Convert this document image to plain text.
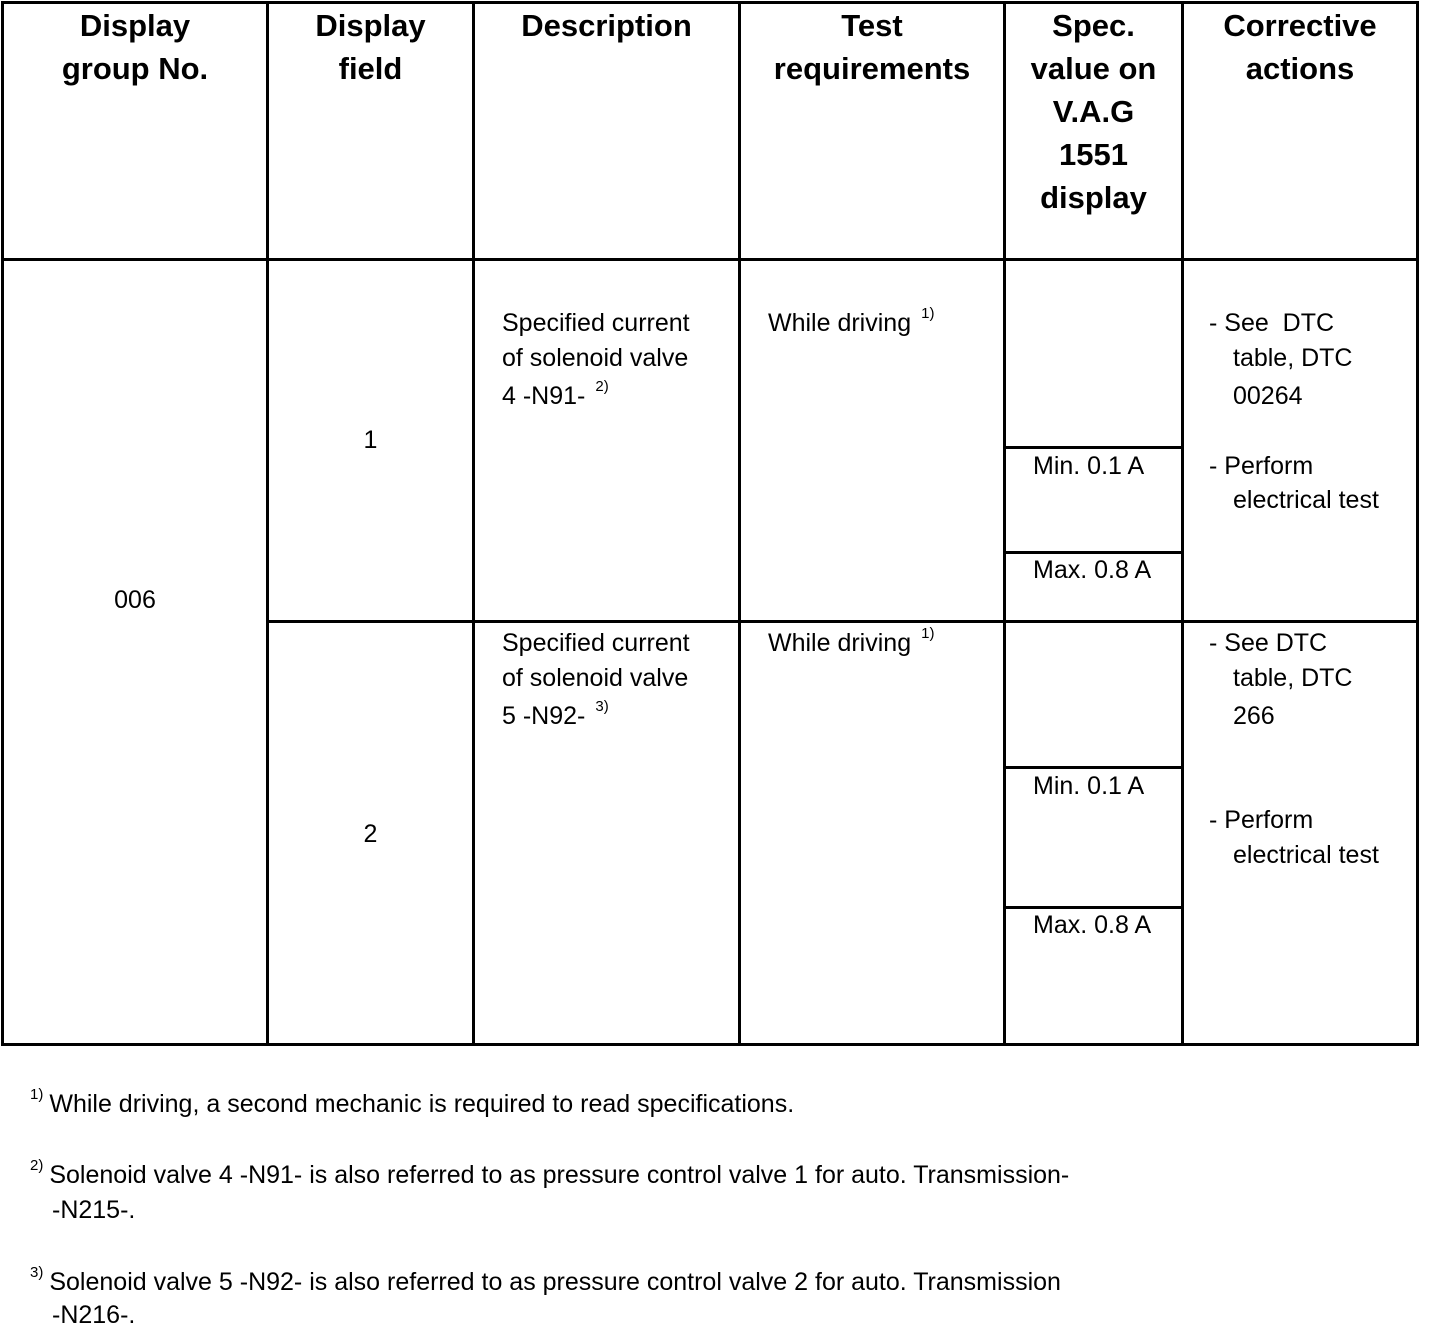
Display
group No.
Display
field
Description	Test
requirements
Spec.
value on
V.A.G
1551
display
Corrective
actions
006
1
Specified current
of solenoid valve
4 -N91- $^{2)}$
While driving $^{1)}$
Min. 0.1 A
Max. 0.8 A
- See  DTC
table, DTC
00264
- Perform
electrical test
2
Specified current
of solenoid valve
5 -N92- $^{3)}$
While driving $^{1)}$
Min. 0.1 A
Max. 0.8 A
- See DTC
table, DTC
266
- Perform
electrical test
$^{1)}$ While driving, a second mechanic is required to read specifications.
$^{2)}$ Solenoid valve 4 -N91- is also referred to as pressure control valve 1 for auto. Transmission-
-N215-.
$^{3)}$ Solenoid valve 5 -N92- is also referred to as pressure control valve 2 for auto. Transmission
-N216-.
